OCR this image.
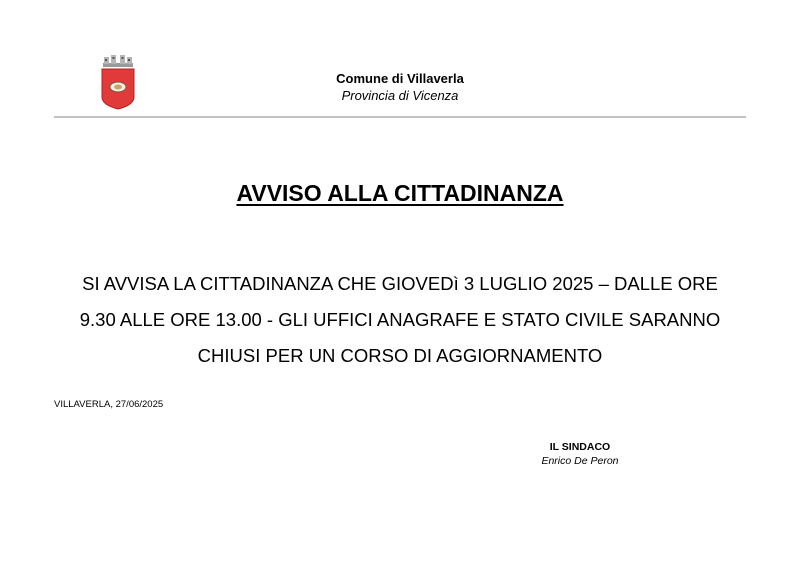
Comune di Villaverla
Provincia di Vicenza
AVVISO ALLA CITTADINANZA
SI AVVISA LA CITTADINANZA CHE GIOVEDì 3 LUGLIO 2025 – DALLE ORE
9.30 ALLE ORE 13.00 - GLI UFFICI ANAGRAFE E STATO CIVILE SARANNO
CHIUSI PER UN CORSO DI AGGIORNAMENTO
VILLAVERLA, 27/06/2025
IL SINDACO
Enrico De Peron
